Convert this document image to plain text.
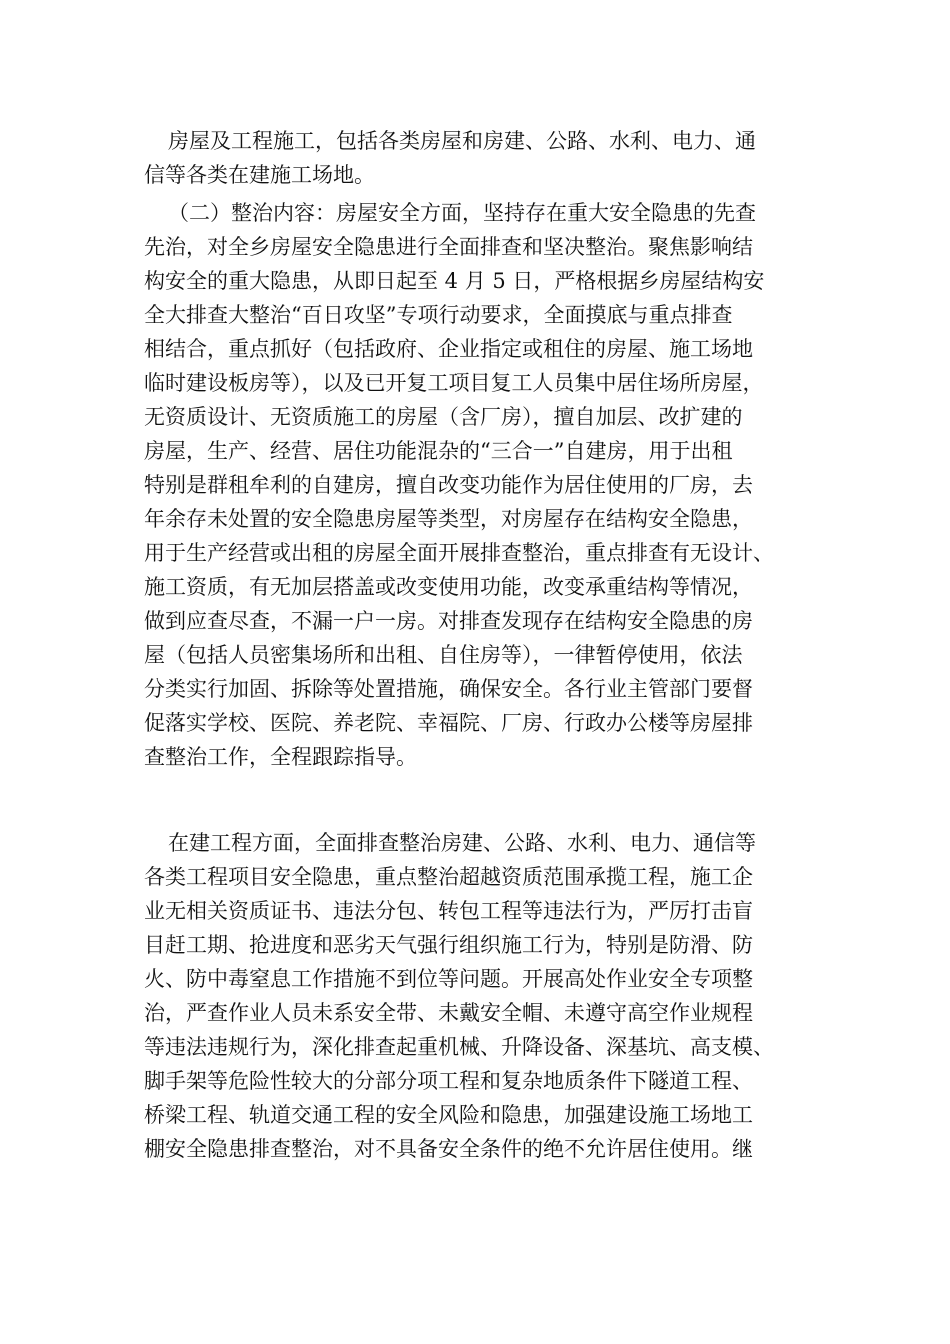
房屋及工程施工，包括各类房屋和房建、公路、水利、电力、通
信等各类在建施工场地。
（二）整治内容：房屋安全方面，坚持存在重大安全隐患的先查
先治，对全乡房屋安全隐患进行全面排查和坚决整治。聚焦影响结
构安全的重大隐患，从即日起至 4 月 5 日，严格根据乡房屋结构安
全大排查大整治“百日攻坚”专项行动要求，全面摸底与重点排查
相结合，重点抓好（包括政府、企业指定或租住的房屋、施工场地
临时建设板房等），以及已开复工项目复工人员集中居住场所房屋，
无资质设计、无资质施工的房屋（含厂房），擅自加层、改扩建的
房屋，生产、经营、居住功能混杂的“三合一”自建房，用于出租
特别是群租牟利的自建房，擅自改变功能作为居住使用的厂房，去
年余存未处置的安全隐患房屋等类型，对房屋存在结构安全隐患，
用于生产经营或出租的房屋全面开展排查整治，重点排查有无设计、
施工资质，有无加层搭盖或改变使用功能，改变承重结构等情况，
做到应查尽查，不漏一户一房。对排查发现存在结构安全隐患的房
屋（包括人员密集场所和出租、自住房等），一律暂停使用，依法
分类实行加固、拆除等处置措施，确保安全。各行业主管部门要督
促落实学校、医院、养老院、幸福院、厂房、行政办公楼等房屋排
查整治工作，全程跟踪指导。
在建工程方面，全面排查整治房建、公路、水利、电力、通信等
各类工程项目安全隐患，重点整治超越资质范围承揽工程，施工企
业无相关资质证书、违法分包、转包工程等违法行为，严厉打击盲
目赶工期、抢进度和恶劣天气强行组织施工行为，特别是防滑、防
火、防中毒窒息工作措施不到位等问题。开展高处作业安全专项整
治，严查作业人员未系安全带、未戴安全帽、未遵守高空作业规程
等违法违规行为，深化排查起重机械、升降设备、深基坑、高支模、
脚手架等危险性较大的分部分项工程和复杂地质条件下隧道工程、
桥梁工程、轨道交通工程的安全风险和隐患，加强建设施工场地工
棚安全隐患排查整治，对不具备安全条件的绝不允许居住使用。继
